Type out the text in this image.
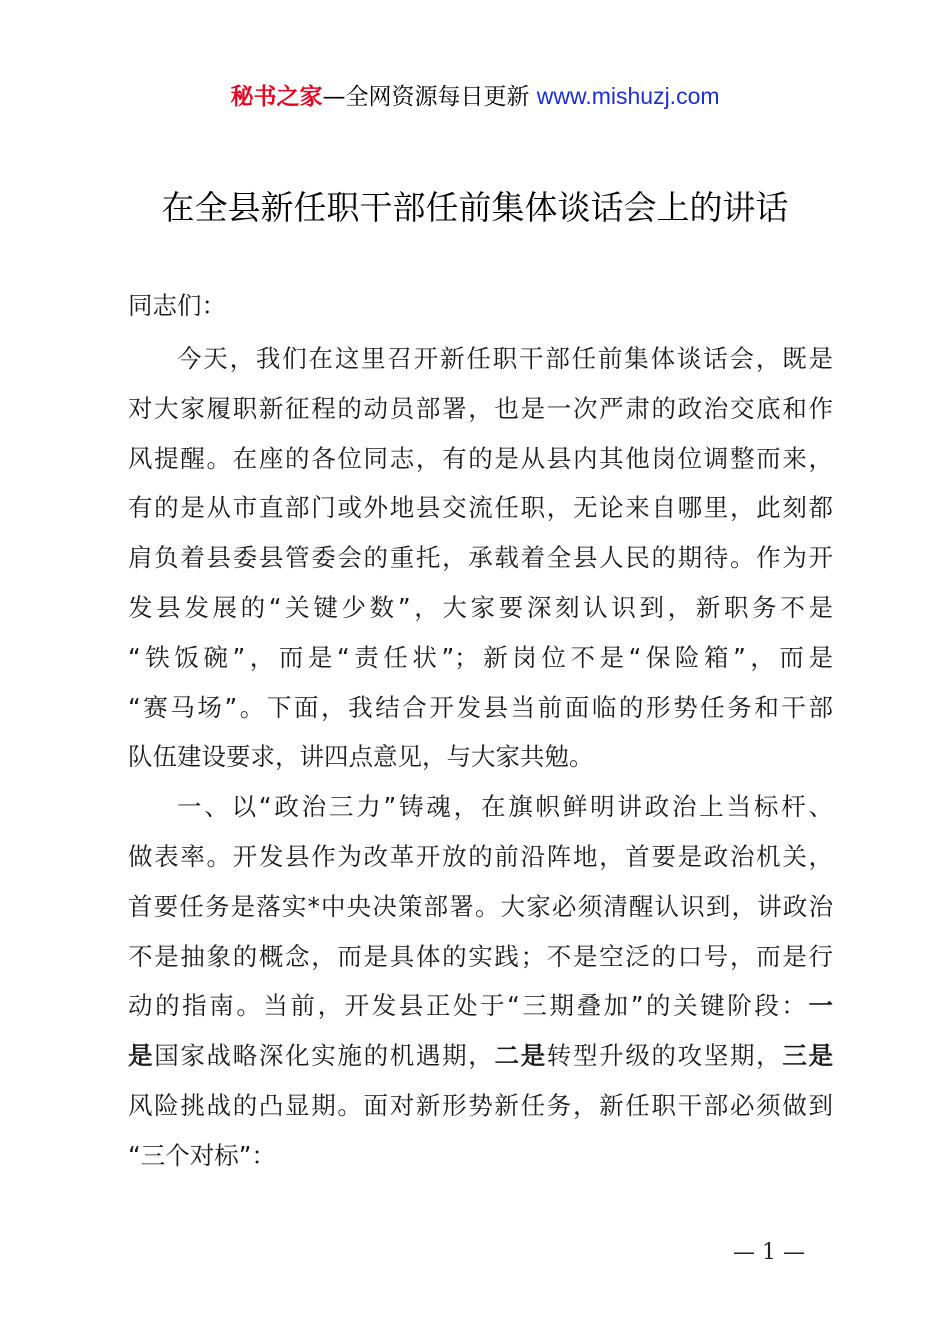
秘书之家—全网资源每日更新 www.mishuzj.com
在全县新任职干部任前集体谈话会上的讲话
同志们：
今天，我们在这里召开新任职干部任前集体谈话会，既是
对大家履职新征程的动员部署，也是一次严肃的政治交底和作
风提醒。在座的各位同志，有的是从县内其他岗位调整而来，
有的是从市直部门或外地县交流任职，无论来自哪里，此刻都
肩负着县委县管委会的重托，承载着全县人民的期待。作为开
发县发展的“关键少数”，大家要深刻认识到，新职务不是
“铁饭碗”，而是“责任状”；新岗位不是“保险箱”，而是
“赛马场”。下面，我结合开发县当前面临的形势任务和干部
队伍建设要求，讲四点意见，与大家共勉。
一、以“政治三力”铸魂，在旗帜鲜明讲政治上当标杆、
做表率。开发县作为改革开放的前沿阵地，首要是政治机关，
首要任务是落实*中央决策部署。大家必须清醒认识到，讲政治
不是抽象的概念，而是具体的实践；不是空泛的口号，而是行
动的指南。当前，开发县正处于“三期叠加”的关键阶段：一
是国家战略深化实施的机遇期，二是转型升级的攻坚期，三是
风险挑战的凸显期。面对新形势新任务，新任职干部必须做到
“三个对标”：
— 1 —
